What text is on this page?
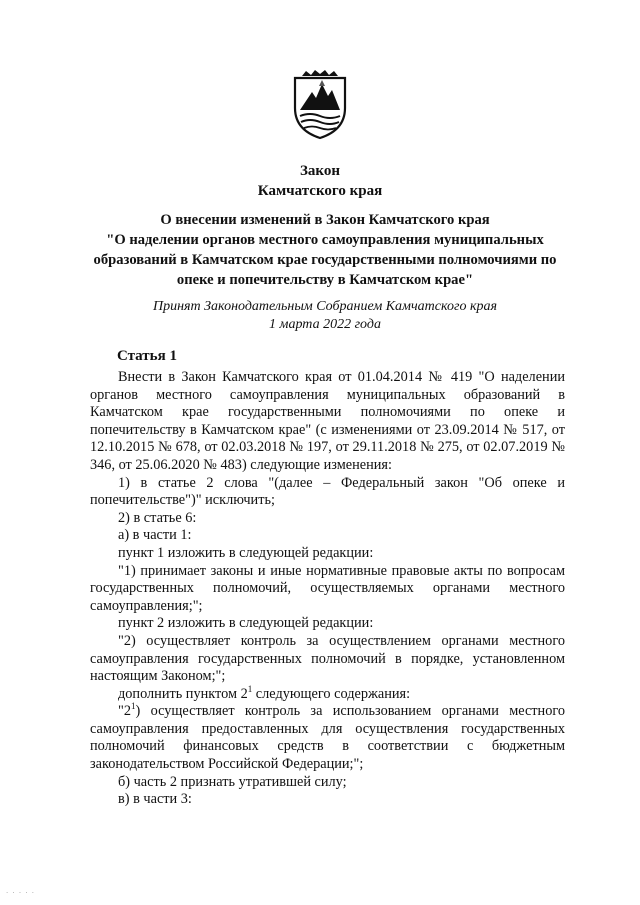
Закон
Камчатского края
О внесении изменений в Закон Камчатского края
"О наделении органов местного самоуправления муниципальных
образований в Камчатском крае государственными полномочиями по
опеке и попечительству в Камчатском крае"
Принят Законодательным Собранием Камчатского края
1 марта 2022 года
Статья 1

Внести в Закон Камчатского края от 01.04.2014 № 419 "О наделении органов местного самоуправления муниципальных образований в Камчатском крае государственными полномочиями по опеке и попечительству в Камчатском крае" (с изменениями от 23.09.2014 № 517, от 12.10.2015 № 678, от 02.03.2018 № 197, от 29.11.2018 № 275, от 02.07.2019 № 346, от 25.06.2020 № 483) следующие изменения:

1) в статье 2 слова "(далее – Федеральный закон "Об опеке и попечительстве")" исключить;

2) в статье 6:

а) в части 1:

пункт 1 изложить в следующей редакции:

"1) принимает законы и иные нормативные правовые акты по вопросам государственных полномочий, осуществляемых органами местного самоуправления;";

пункт 2 изложить в следующей редакции:

"2) осуществляет контроль за осуществлением органами местного самоуправления государственных полномочий в порядке, установленном настоящим Законом;";

дополнить пунктом $2^1$ следующего содержания:

"$2^1$) осуществляет контроль за использованием органами местного самоуправления предоставленных для осуществления государственных полномочий финансовых средств в соответствии с бюджетным законодательством Российской Федерации;";

б) часть 2 признать утратившей силу;

в) в части 3:

· · · · ·
